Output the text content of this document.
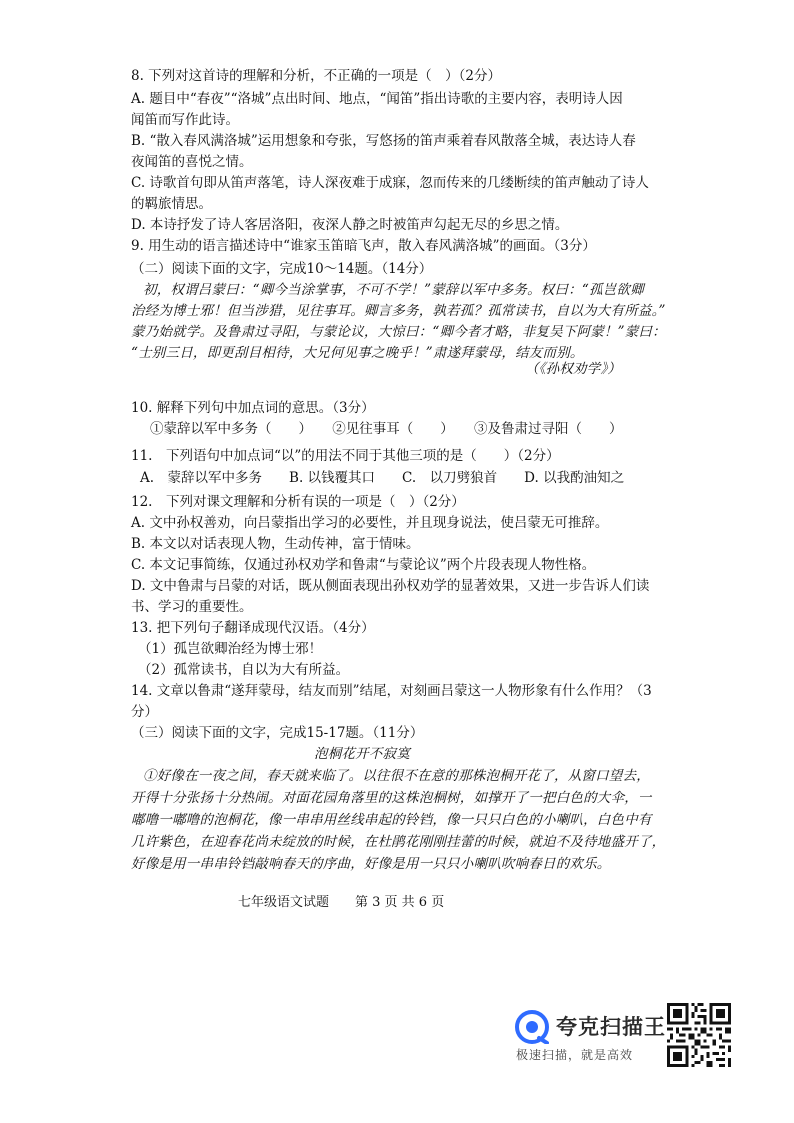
8. 下列对这首诗的理解和分析，不正确的一项是（　）（2分）
A. 题目中“春夜”“洛城”点出时间、地点，“闻笛”指出诗歌的主要内容，表明诗人因
闻笛而写作此诗。
B. “散入春风满洛城”运用想象和夸张，写悠扬的笛声乘着春风散落全城，表达诗人春
夜闻笛的喜悦之情。
C. 诗歌首句即从笛声落笔，诗人深夜难于成寐，忽而传来的几缕断续的笛声触动了诗人
的羁旅情思。
D. 本诗抒发了诗人客居洛阳，夜深人静之时被笛声勾起无尽的乡思之情。
9. 用生动的语言描述诗中“谁家玉笛暗飞声，散入春风满洛城”的画面。（3分）
（二）阅读下面的文字，完成10～14题。（14分）
初，权谓吕蒙曰：“卿今当涂掌事，不可不学！”蒙辞以军中多务。权曰：“孤岂欲卿
治经为博士邪！但当涉猎，见往事耳。卿言多务，孰若孤？孤常读书，自以为大有所益。”
蒙乃始就学。及鲁肃过寻阳，与蒙论议，大惊曰：“卿今者才略，非复吴下阿蒙！”蒙曰：
“士别三日，即更刮目相待，大兄何见事之晚乎！”肃遂拜蒙母，结友而别。
（《孙权劝学》）
10. 解释下列句中加点词的意思。（3分）
①蒙辞以军中多务（　　）　　②见往事耳（　　）　　③及鲁肃过寻阳（　　）
11.　下列语句中加点词“以”的用法不同于其他三项的是（　　）（2分）
A.　蒙辞以军中多务　　B. 以钱覆其口　　C.　以刀劈狼首　　D. 以我酌油知之
12.　下列对课文理解和分析有误的一项是（　）（2分）
A. 文中孙权善劝，向吕蒙指出学习的必要性，并且现身说法，使吕蒙无可推辞。
B. 本文以对话表现人物，生动传神，富于情味。
C. 本文记事简练，仅通过孙权劝学和鲁肃“与蒙论议”两个片段表现人物性格。
D. 文中鲁肃与吕蒙的对话，既从侧面表现出孙权劝学的显著效果，又进一步告诉人们读
书、学习的重要性。
13. 把下列句子翻译成现代汉语。（4分）
（1）孤岂欲卿治经为博士邪！
（2）孤常读书，自以为大有所益。
14. 文章以鲁肃“遂拜蒙母，结友而别”结尾，对刻画吕蒙这一人物形象有什么作用？（3
分）
（三）阅读下面的文字，完成15-17题。（11分）
泡桐花开不寂寞
①好像在一夜之间，春天就来临了。以往很不在意的那株泡桐开花了，从窗口望去，
开得十分张扬十分热闹。对面花园角落里的这株泡桐树，如撑开了一把白色的大伞，一
嘟噜一嘟噜的泡桐花，像一串串用丝线串起的铃铛，像一只只白色的小喇叭，白色中有
几许紫色，在迎春花尚未绽放的时候，在杜鹃花刚刚挂蕾的时候，就迫不及待地盛开了，
好像是用一串串铃铛敲响春天的序曲，好像是用一只只小喇叭吹响春日的欢乐。
七年级语文试题　　第 3 页 共 6 页
夸克扫描王
极速扫描，就是高效
